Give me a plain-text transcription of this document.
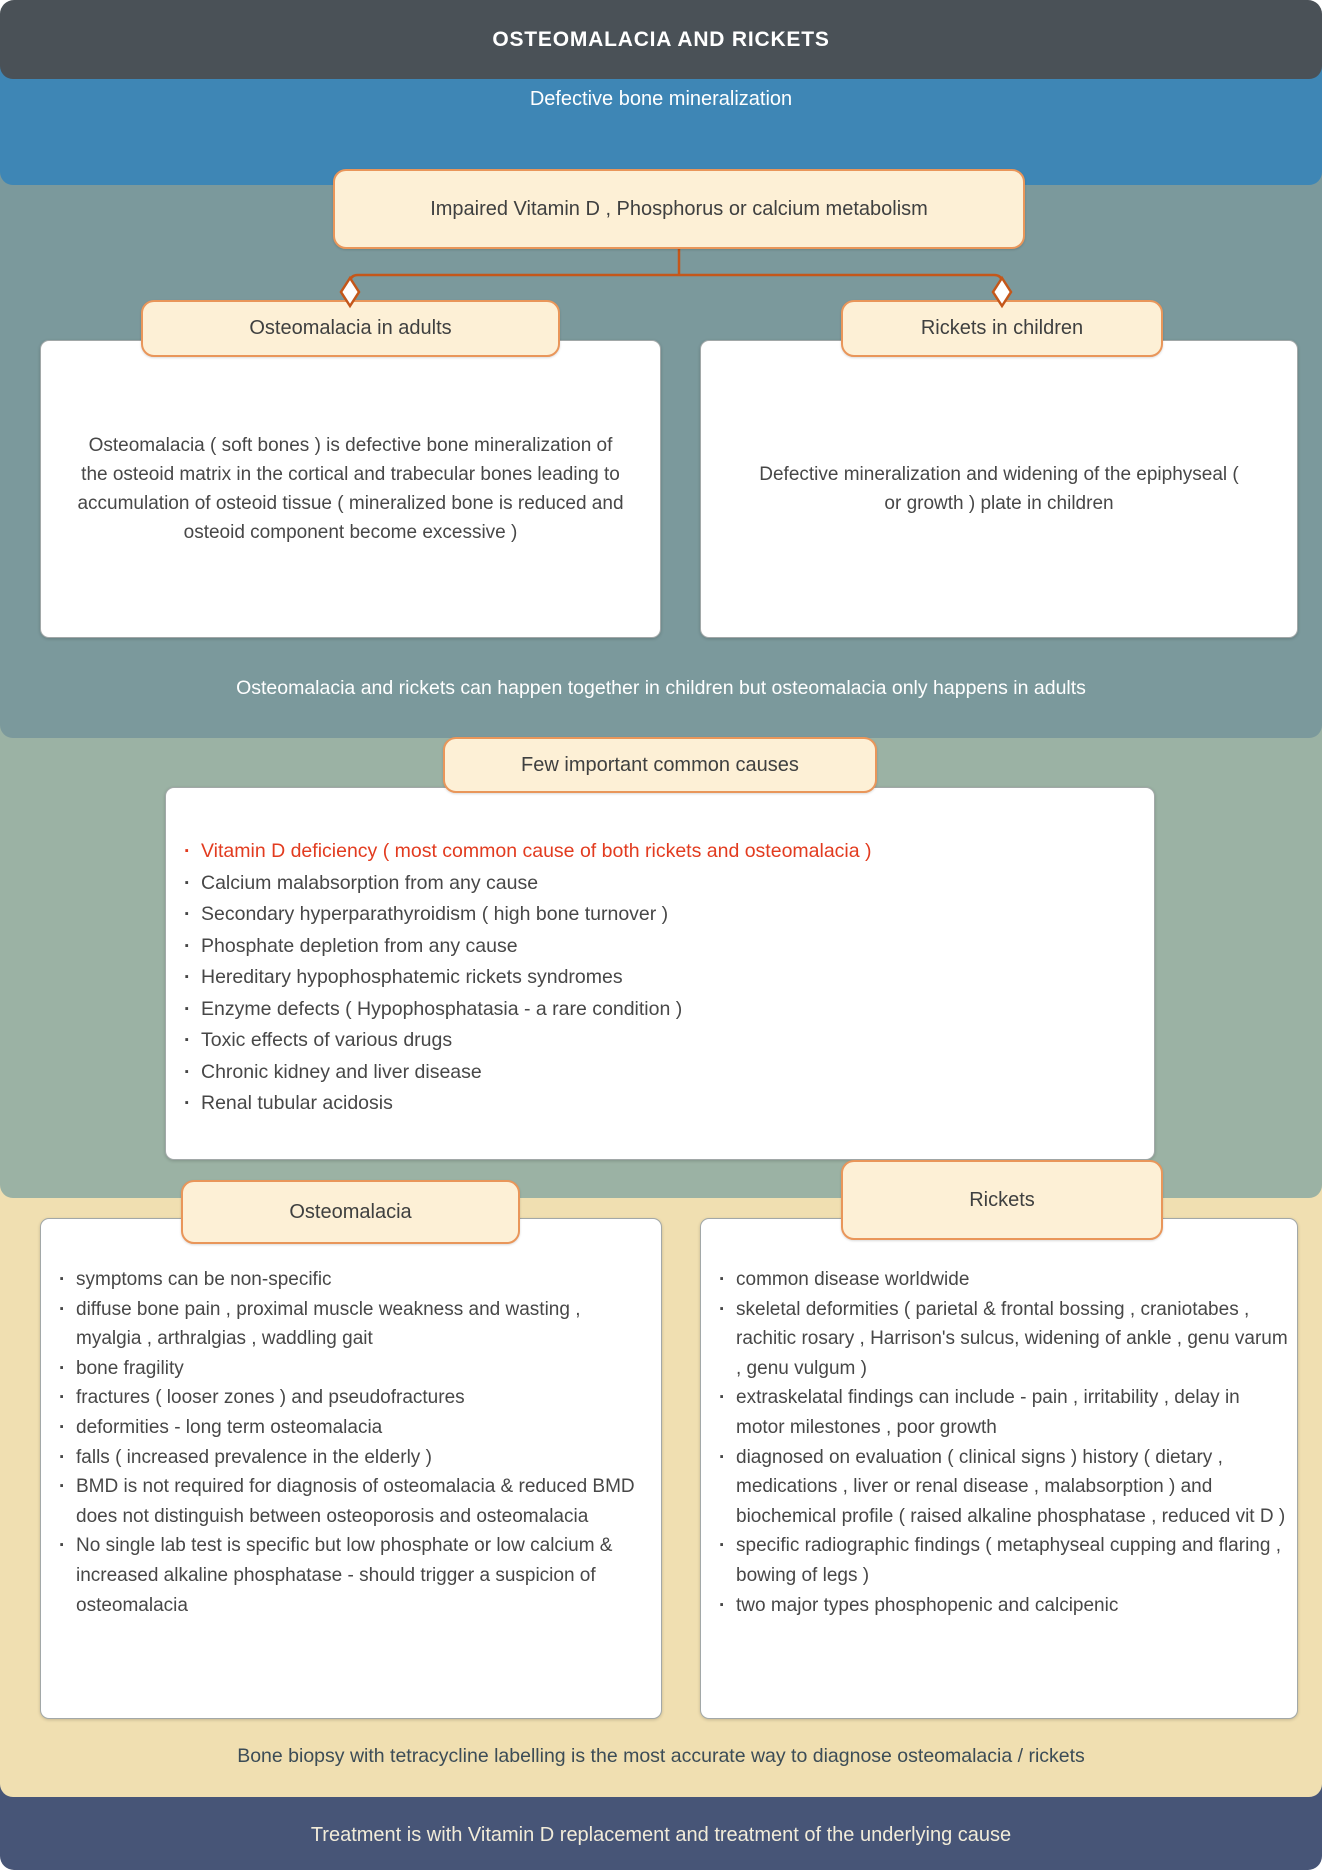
OSTEOMALACIA AND RICKETS
Defective bone mineralization
Impaired Vitamin D , Phosphorus or calcium metabolism
Osteomalacia in adults	Rickets in children

Osteomalacia ( soft bones ) is defective bone mineralization of the osteoid matrix in the cortical and trabecular bones leading to accumulation of osteoid tissue ( mineralized bone is reduced and osteoid component become excessive )

Defective mineralization and widening of the epiphyseal ( or growth ) plate in children

Osteomalacia and rickets can happen together in children but osteomalacia only happens in adults

· Vitamin D deficiency ( most common cause of both rickets and osteomalacia )
· Calcium malabsorption from any cause
· Secondary hyperparathyroidism ( high bone turnover )
· Phosphate depletion from any cause
· Hereditary hypophosphatemic rickets syndromes
· Enzyme defects ( Hypophosphatasia - a rare condition )
· Toxic effects of various drugs
· Chronic kidney and liver disease
· Renal tubular acidosis
Few important common causes
· symptoms can be non-specific
· diffuse bone pain , proximal muscle weakness and wasting , myalgia , arthralgias , waddling gait
· bone fragility
· fractures ( looser zones ) and pseudofractures
· deformities - long term osteomalacia
· falls ( increased prevalence in the elderly )
· BMD is not required for diagnosis of osteomalacia & reduced BMD does not distinguish between osteoporosis and osteomalacia
· No single lab test is specific but low phosphate or low calcium & increased alkaline phosphatase - should trigger a suspicion of osteomalacia
· common disease worldwide
· skeletal deformities ( parietal & frontal bossing , craniotabes , rachitic rosary , Harrison's sulcus, widening of ankle , genu varum , genu vulgum )
· extraskelatal findings can include - pain , irritability , delay in motor milestones , poor growth
· diagnosed on evaluation ( clinical signs ) history ( dietary , medications , liver or renal disease , malabsorption ) and biochemical profile ( raised alkaline phosphatase , reduced vit D )
· specific radiographic findings ( metaphyseal cupping and flaring , bowing of legs )
· two major types phosphopenic and calcipenic
Osteomalacia
Rickets

Bone biopsy with tetracycline labelling is the most accurate way to diagnose osteomalacia / rickets

Treatment is with Vitamin D replacement and treatment of the underlying cause
